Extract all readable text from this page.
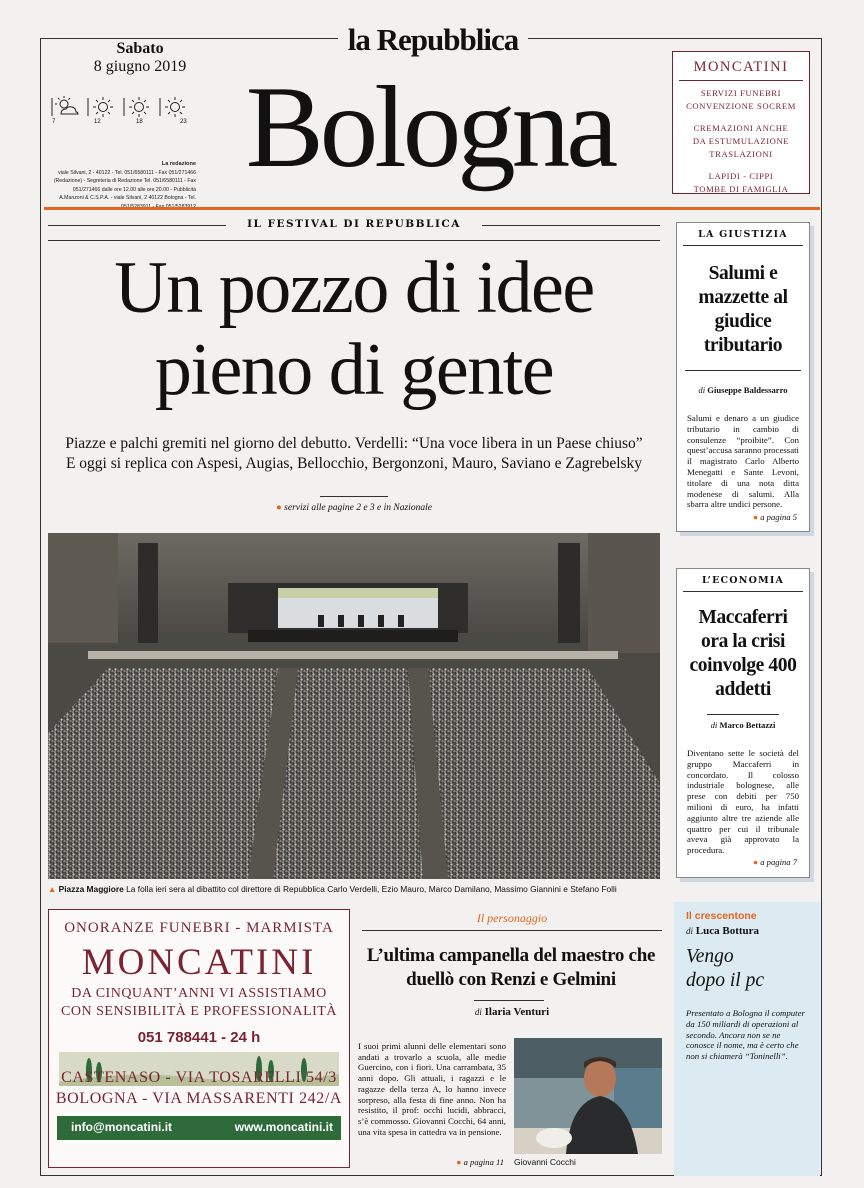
la Repubblica
Sabato
8 giugno 2019
7	12	18	23
La redazione
viale Silvani, 2 - 40122 - Tel. 051/6580111 - Fax 051/271466 (Redazione) - Segreteria di Redazione Tel. 051/6580111 - Fax 051/271466 dalle ore 12.00 alle ore 20.00 - Pubblicità A.Manzoni & C.S.P.A. - viale Silvani, 2 40122 Bologna - Tel.
Bologna	MONCATINI
SERVIZI FUNEBRI
CONVENZIONE SOCREM
CREMAZIONI ANCHE
DA ESTUMULAZIONE
TRASLAZIONI
LAPIDI - CIPPI
TOMBE DI FAMIGLIA
IL FESTIVAL DI REPUBBLICA
Un pozzo di idee
pieno di gente
Piazze e palchi gremiti nel giorno del debutto. Verdelli: “Una voce libera in un Paese chiuso”
E oggi si replica con Aspesi, Augias, Bellocchio, Bergonzoni, Mauro, Saviano e Zagrebelsky
● servizi alle pagine 2 e 3 e in Nazionale
▲ Piazza Maggiore La folla ieri sera al dibattito col direttore di Repubblica Carlo Verdelli, Ezio Mauro, Marco Damilano, Massimo Giannini e Stefano Folli
LA GIUSTIZIA
Salumi e mazzette al giudice tributario
di Giuseppe Baldessarro
Salumi e denaro a un giudice tributario in cambio di consulenze “proibite”. Con quest’accusa saranno processati il magistrato Carlo Alberto Menegatti e Sante Levoni, titolare di una nota ditta modenese di salumi. Alla sbarra altre undici persone.
● a pagina 5
L’ECONOMIA
Maccaferri ora la crisi coinvolge 400 addetti
di Marco Bettazzi
Diventano sette le società del gruppo Maccaferri in concordato. Il colosso industriale bolognese, alle prese con debiti per 750 milioni di euro, ha infatti aggiunto altre tre aziende alle quattro per cui il tribunale aveva già approvato la procedura.
● a pagina 7
ONORANZE FUNEBRI - MARMISTA
MONCATINI
DA CINQUANT’ANNI VI ASSISTIAMO
CON SENSIBILITÀ E PROFESSIONALITÀ
051 788441 - 24 h
CASTENASO - VIA TOSARELLI 54/3
BOLOGNA - VIA MASSARENTI 242/A
info@moncatini.it	www.moncatini.it
Il personaggio
L’ultima campanella del maestro che duellò con Renzi e Gelmini
di Ilaria Venturi
I suoi primi alunni delle elementari sono andati a trovarlo a scuola, alle medie Guercino, con i fiori. Una carrambata, 35 anni dopo. Gli attuali, i ragazzi e le ragazze della terza A, lo hanno invece sorpreso, alla festa di fine anno. Non ha resistito, il prof: occhi lucidi, abbracci, s’è commosso. Giovanni Cocchi, 64 anni, una vita spesa in cattedra va in pensione.
● a pagina 11 Giovanni Cocchi
Il crescentone
di Luca Bottura
Vengo
dopo il pc
Presentato a Bologna il computer da 150 miliardi di operazioni al secondo. Ancora non se ne conosce il nome, ma è certo che non si chiamerà “Toninelli”.
